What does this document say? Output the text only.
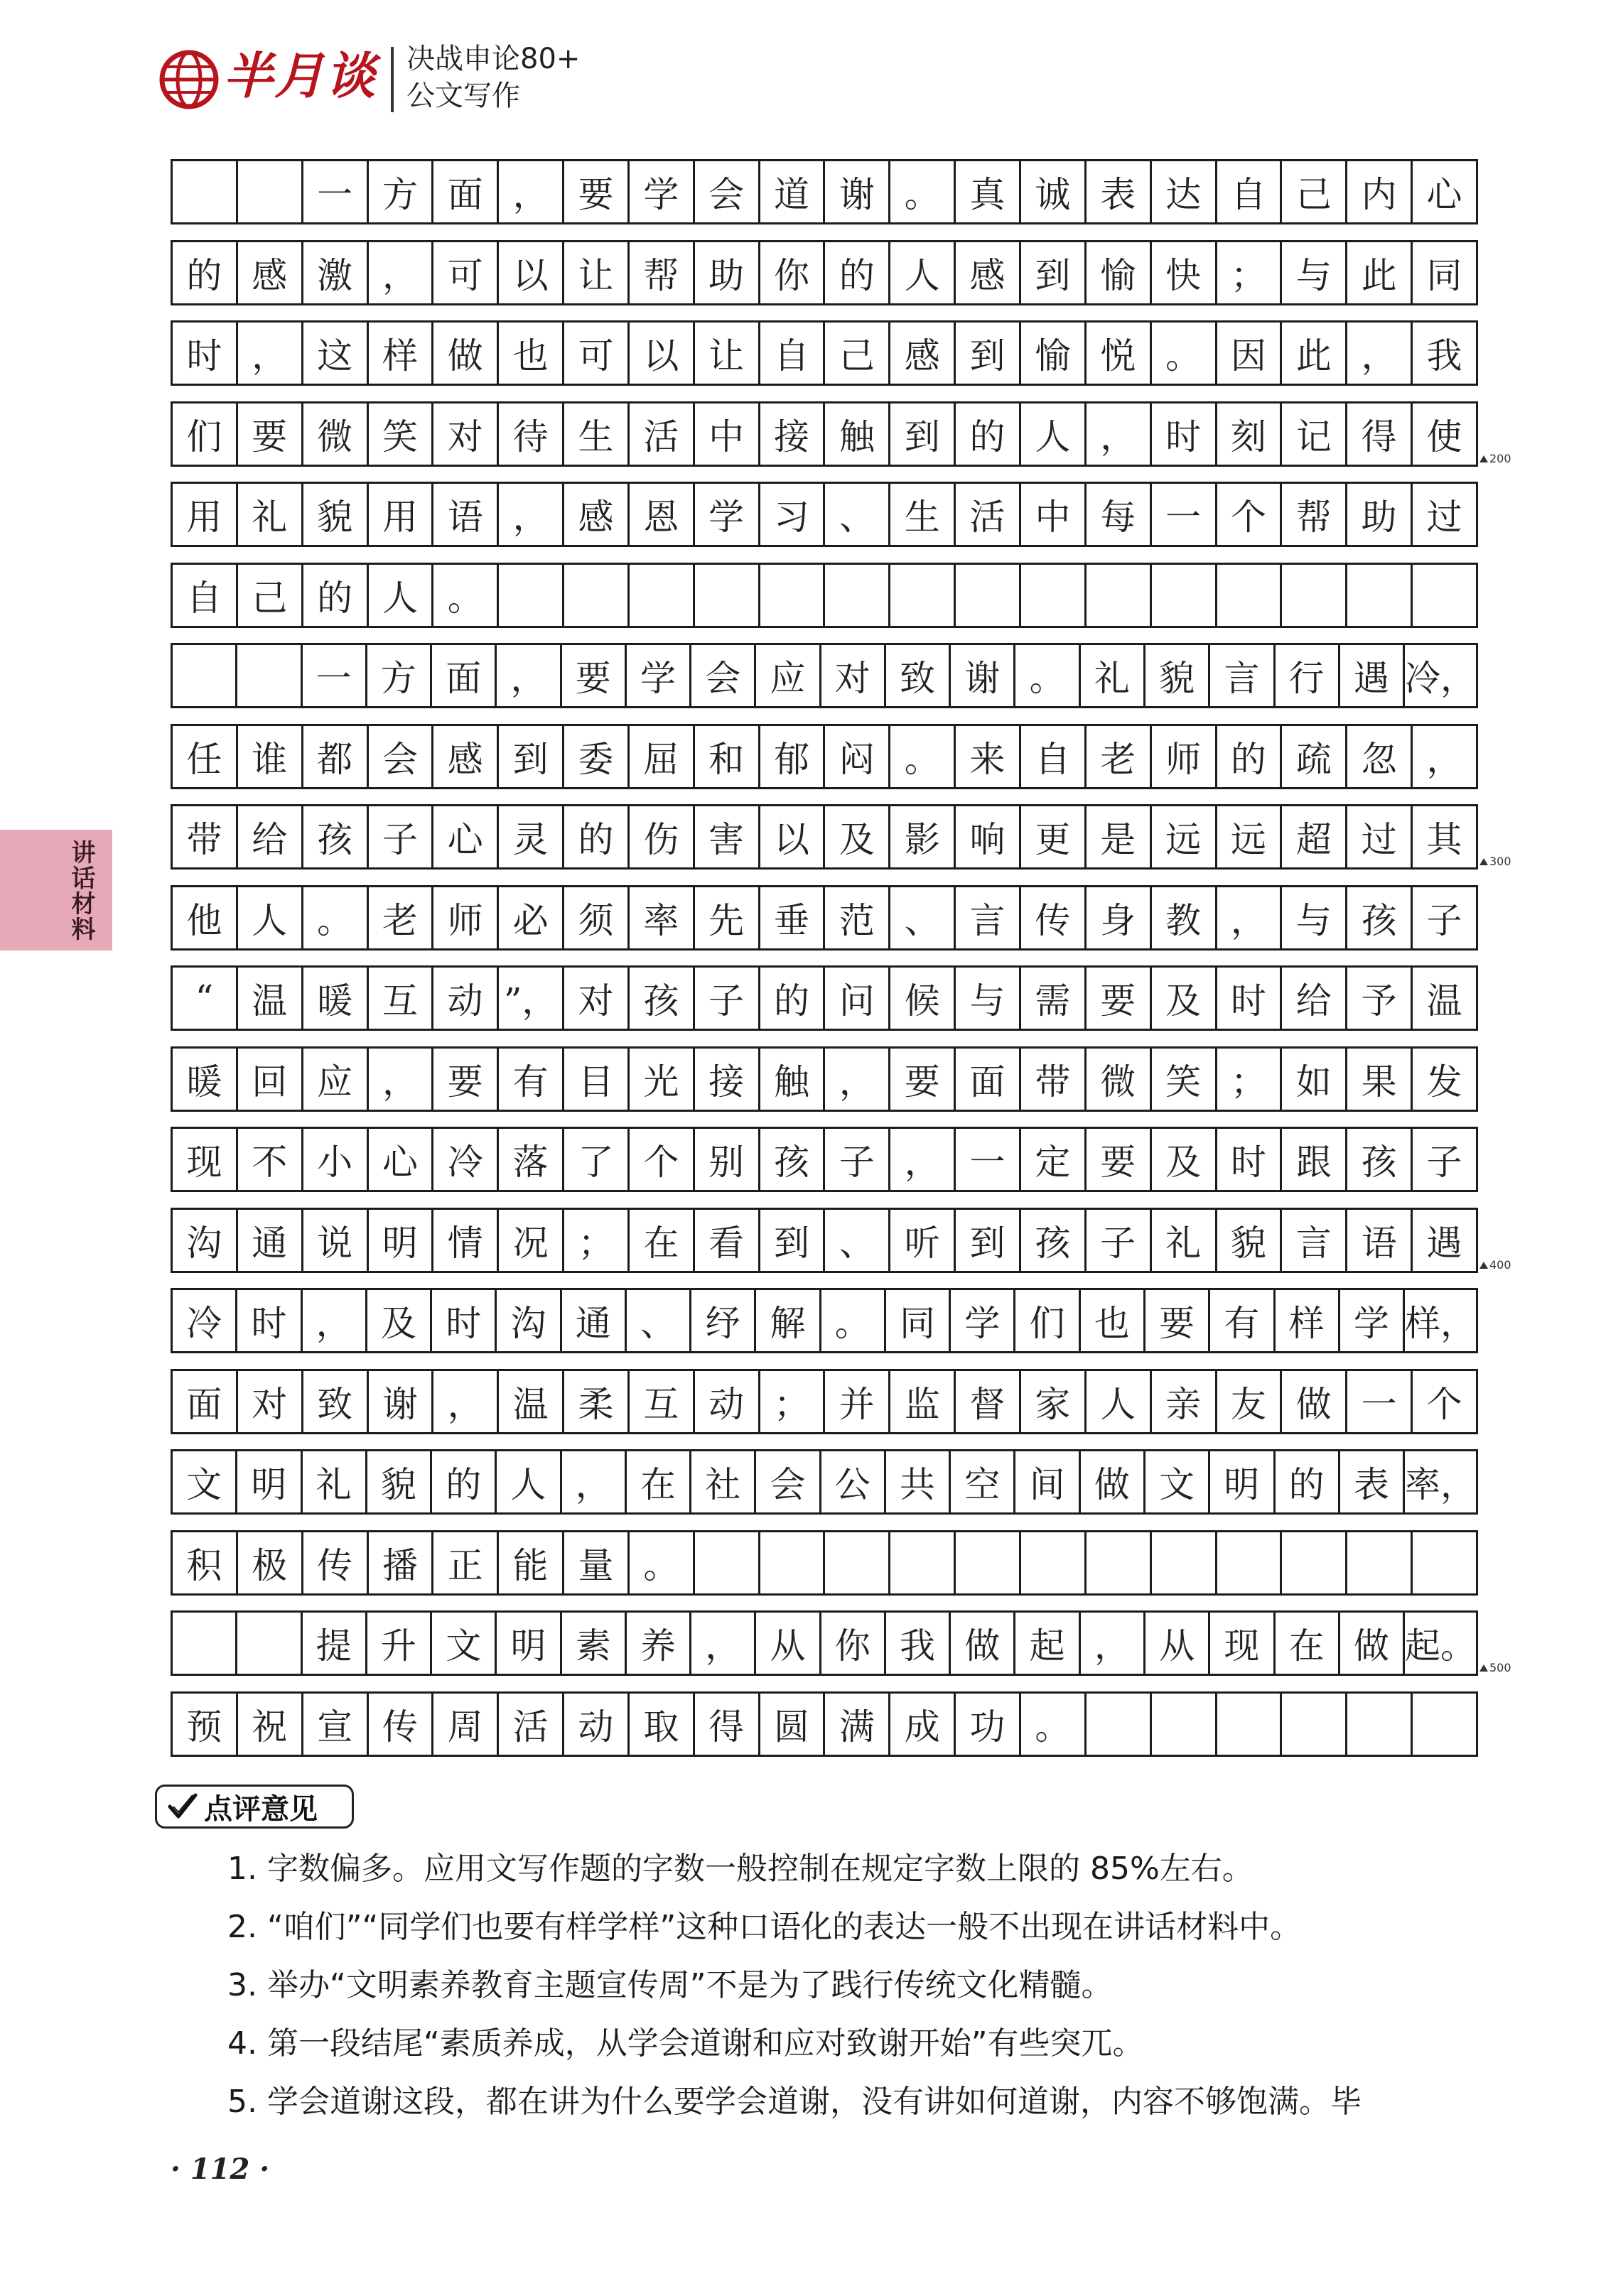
半月谈 决战申论80+
公文写作
讲话材料
一 方 面 ， 要 学 会 道 谢 。 真 诚 表 达 自 己 内 心
的 感 激 ， 可 以 让 帮 助 你 的 人 感 到 愉 快 ； 与 此 同
时 ， 这 样 做 也 可 以 让 自 己 感 到 愉 悦 。 因 此 ， 我
们 要 微 笑 对 待 生 活 中 接 触 到 的 人 ， 时 刻 记 得 使
用 礼 貌 用 语 ， 感 恩 学 习 、 生 活 中 每 一 个 帮 助 过
自 己 的 人 。
一 方 面 ， 要 学 会 应 对 致 谢 。 礼 貌 言 行 遇 冷，
任 谁 都 会 感 到 委 屈 和 郁 闷 。 来 自 老 师 的 疏 忽 ，
带 给 孩 子 心 灵 的 伤 害 以 及 影 响 更 是 远 远 超 过 其
他 人 。 老 师 必 须 率 先 垂 范 、 言 传 身 教 ， 与 孩 子
“	温 暖 互 动 ”， 对 孩 子 的 问 候 与 需 要 及 时 给 予 温
暖 回 应 ， 要 有 目 光 接 触 ， 要 面 带 微 笑 ； 如 果 发
现 不 小 心 冷 落 了 个 别 孩 子 ， 一 定 要 及 时 跟 孩 子
沟 通 说 明 情 况 ； 在 看 到 、 听 到 孩 子 礼 貌 言 语 遇
冷 时 ， 及 时 沟 通 、 纾 解 。 同 学 们 也 要 有 样 学 样，
面 对 致 谢 ， 温 柔 互 动 ； 并 监 督 家 人 亲 友 做 一 个
文 明 礼 貌 的 人 ， 在 社 会 公 共 空 间 做 文 明 的 表 率，
积 极 传 播 正 能 量 。
提 升 文 明 素 养 ， 从 你 我 做 起 ， 从 现 在 做 起。
预 祝 宣 传 周 活 动 取 得 圆 满 成 功 。
200
300
400
500
点评意见
1. 字数偏多。应用文写作题的字数一般控制在规定字数上限的 85%左右。
2. “咱们”“同学们也要有样学样”这种口语化的表达一般不出现在讲话材料中。
3. 举办“文明素养教育主题宣传周”不是为了践行传统文化精髓。
4. 第一段结尾“素质养成，从学会道谢和应对致谢开始”有些突兀。
5. 学会道谢这段，都在讲为什么要学会道谢，没有讲如何道谢，内容不够饱满。毕
· 112 ·
